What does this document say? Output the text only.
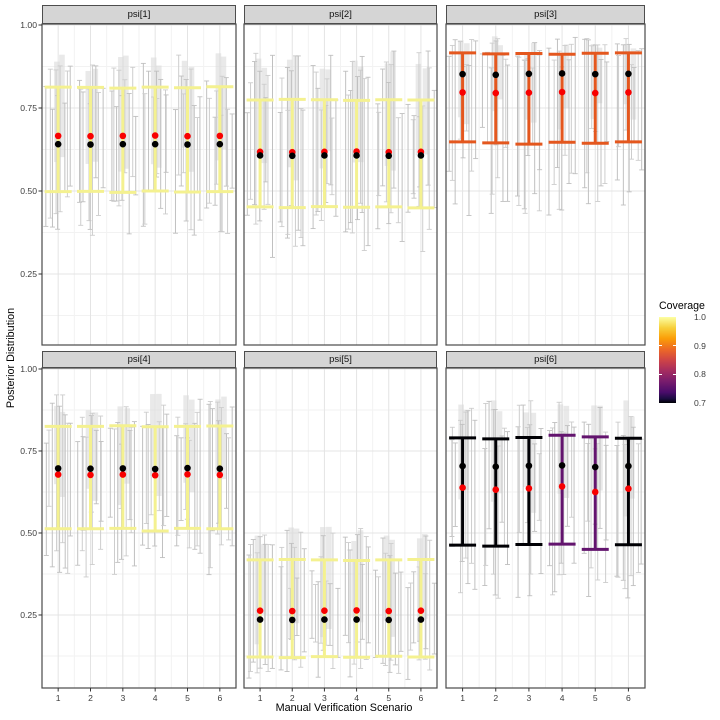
1.00
0.75
0.50
0.25
1.00
0.75
0.50
0.25
1	2	3	4	5	6	1	2	3	4	5	6	1	2	3	4	5	6
psi[1]	psi[2]	psi[3]
psi[4]	psi[5]	psi[6]
Posterior Distribution
Manual Verification Scenario
Coverage
1.0
0.9
0.8
0.7
